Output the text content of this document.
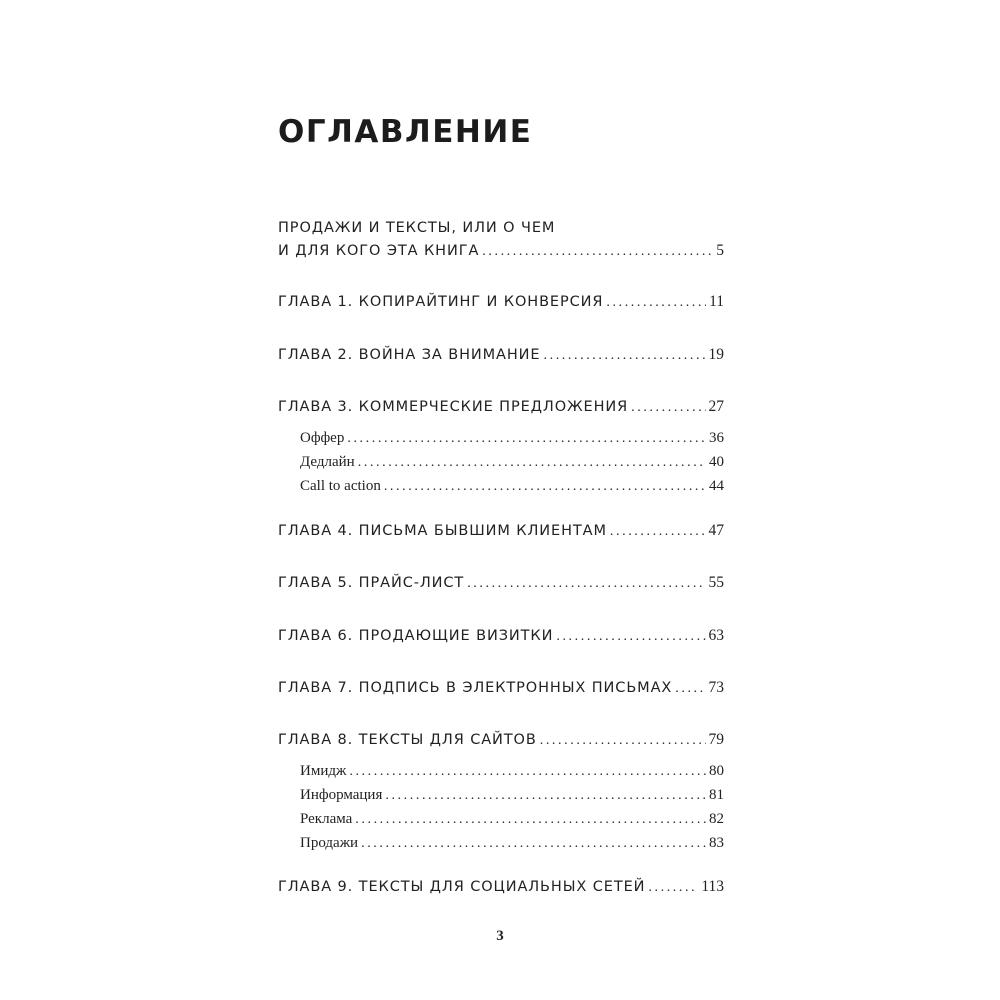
ОГЛАВЛЕНИЕ
ПРОДАЖИ И ТЕКСТЫ, ИЛИ О ЧЕМ
И ДЛЯ КОГО ЭТА КНИГА .....	5
ГЛАВА 1. КОПИРАЙТИНГ И КОНВЕРСИЯ .....	11
ГЛАВА 2. ВОЙНА ЗА ВНИМАНИЕ .....	19
ГЛАВА 3. КОММЕРЧЕСКИЕ ПРЕДЛОЖЕНИЯ .....	27
Оффер .....	36
Дедлайн .....	40
Call to action .....	44
ГЛАВА 4. ПИСЬМА БЫВШИМ КЛИЕНТАМ .....	47
ГЛАВА 5. ПРАЙС-ЛИСТ .....	55
ГЛАВА 6. ПРОДАЮЩИЕ ВИЗИТКИ .....	63
ГЛАВА 7. ПОДПИСЬ В ЭЛЕКТРОННЫХ ПИСЬМАХ ..... 73
ГЛАВА 8. ТЕКСТЫ ДЛЯ САЙТОВ .....	79
Имидж .....	80
Информация .....	81
Реклама .....	82
Продажи .....	83
ГЛАВА 9. ТЕКСТЫ ДЛЯ СОЦИАЛЬНЫХ СЕТЕЙ .....	113
3
